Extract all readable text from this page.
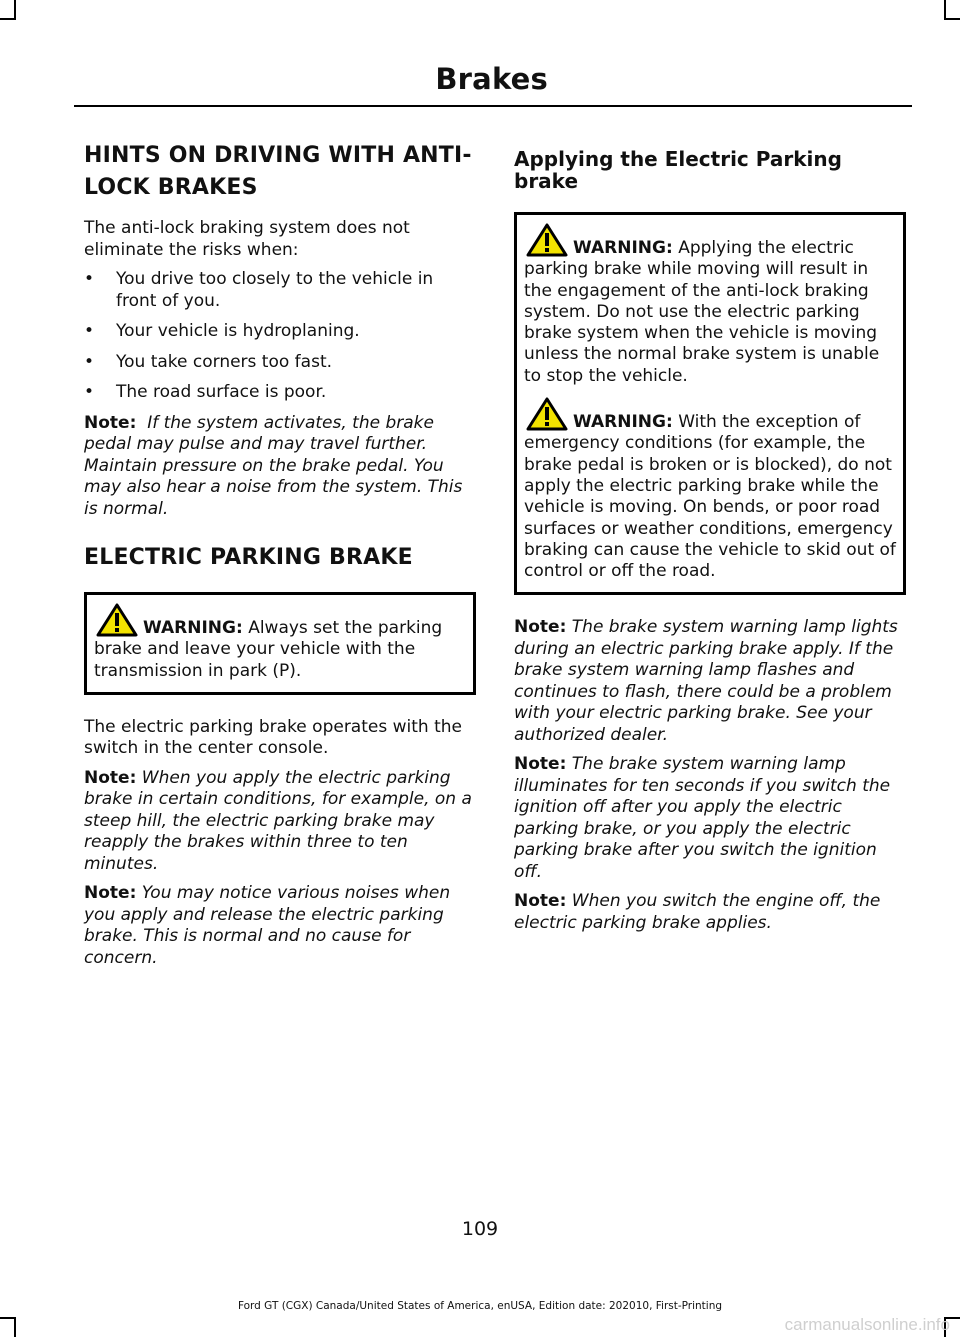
Brakes
HINTS ON DRIVING WITH ANTI-LOCK BRAKES

The anti-lock braking system does not eliminate the risks when:

• You drive too closely to the vehicle in front of you.
• Your vehicle is hydroplaning.
• You take corners too fast.
• The road surface is poor.

Note: If the system activates, the brake pedal may pulse and may travel further. Maintain pressure on the brake pedal. You may also hear a noise from the system. This is normal.

ELECTRIC PARKING BRAKE

WARNING: Always set the parking brake and leave your vehicle with the transmission in park (P).

The electric parking brake operates with the switch in the center console.

Note: When you apply the electric parking brake in certain conditions, for example, on a steep hill, the electric parking brake may reapply the brakes within three to ten minutes.

Note: You may notice various noises when you apply and release the electric parking brake. This is normal and no cause for concern.

Applying the Electric Parking brake

WARNING: Applying the electric parking brake while moving will result in the engagement of the anti-lock braking system. Do not use the electric parking brake system when the vehicle is moving unless the normal brake system is unable to stop the vehicle.

WARNING: With the exception of emergency conditions (for example, the brake pedal is broken or is blocked), do not apply the electric parking brake while the vehicle is moving. On bends, or poor road surfaces or weather conditions, emergency braking can cause the vehicle to skid out of control or off the road.

Note: The brake system warning lamp lights during an electric parking brake apply. If the brake system warning lamp flashes and continues to flash, there could be a problem with your electric parking brake. See your authorized dealer.

Note: The brake system warning lamp illuminates for ten seconds if you switch the ignition off after you apply the electric parking brake, or you apply the electric parking brake after you switch the ignition off.

Note: When you switch the engine off, the electric parking brake applies.

109
Ford GT (CGX) Canada/United States of America, enUSA, Edition date: 202010, First-Printing
carmanualsonline.info
